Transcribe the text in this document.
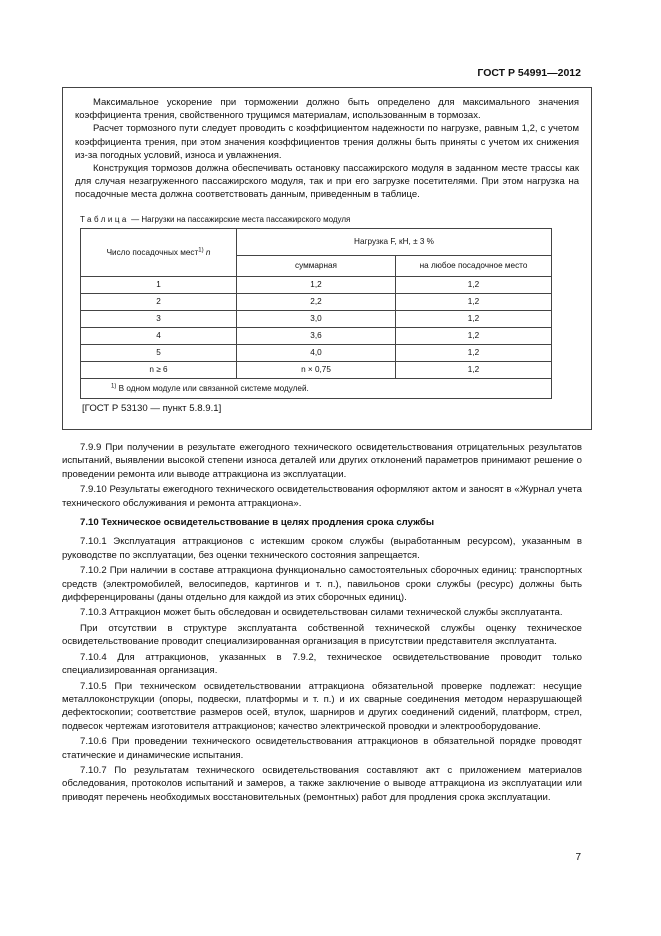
ГОСТ Р 54991—2012

Максимальное ускорение при торможении должно быть определено для максимального значения коэффициента трения, свойственного трущимся материалам, использованным в тормозах.

Расчет тормозного пути следует проводить с коэффициентом надежности по нагрузке, равным 1,2, с учетом коэффициента трения, при этом значения коэффициентов трения должны быть приняты с учетом их снижения из-за погодных условий, износа и увлажнения.

Конструкция тормозов должна обеспечивать остановку пассажирского модуля в заданном месте трассы как для случая незагруженного пассажирского модуля, так и при его загрузке посетителями. При этом нагрузка на посадочные места должна соответствовать данным, приведенным в таблице.

Таблица — Нагрузки на пассажирские места пассажирского модуля
Число посадочных мест$^{1)}$ n	Нагрузка F, кН, ± 3 %	
	суммарная	на любое посадочное место
1	1,2	1,2
2	2,2	1,2
3	3,0	1,2
4	3,6	1,2
5	4,0	1,2
n ≥ 6	n × 0,75	1,2
$^{1)}$ В одном модуле или связанной системе модулей.		
[ГОСТ Р 53130 — пункт 5.8.9.1]

7.9.9 При получении в результате ежегодного технического освидетельствования отрицательных результатов испытаний, выявлении высокой степени износа деталей или других отклонений параметров принимают решение о проведении ремонта или выводе аттракциона из эксплуатации.

7.9.10 Результаты ежегодного технического освидетельствования оформляют актом и заносят в «Журнал учета технического обслуживания и ремонта аттракциона».

7.10 Техническое освидетельствование в целях продления срока службы

7.10.1 Эксплуатация аттракционов с истекшим сроком службы (выработанным ресурсом), указанным в руководстве по эксплуатации, без оценки технического состояния запрещается.

7.10.2 При наличии в составе аттракциона функционально самостоятельных сборочных единиц: транспортных средств (электромобилей, велосипедов, картингов и т. п.), павильонов сроки службы (ресурс) должны быть дифференцированы (даны отдельно для каждой из этих сборочных единиц).

7.10.3 Аттракцион может быть обследован и освидетельствован силами технической службы эксплуатанта.

При отсутствии в структуре эксплуатанта собственной технической службы оценку техническое освидетельствование проводит специализированная организация в присутствии представителя эксплуатанта.

7.10.4 Для аттракционов, указанных в 7.9.2, техническое освидетельствование проводит только специализированная организация.

7.10.5 При техническом освидетельствовании аттракциона обязательной проверке подлежат: несущие металлоконструкции (опоры, подвески, платформы и т. п.) и их сварные соединения методом неразрушающей дефектоскопии; соответствие размеров осей, втулок, шарниров и других соединений сидений, платформ, стрел, подвесок чертежам изготовителя аттракционов; качество электрической проводки и электрооборудование.

7.10.6 При проведении технического освидетельствования аттракционов в обязательной порядке проводят статические и динамические испытания.

7.10.7 По результатам технического освидетельствования составляют акт с приложением материалов обследования, протоколов испытаний и замеров, а также заключение о выводе аттракциона из эксплуатации или приводят перечень необходимых восстановительных (ремонтных) работ для продления срока эксплуатации.

7
